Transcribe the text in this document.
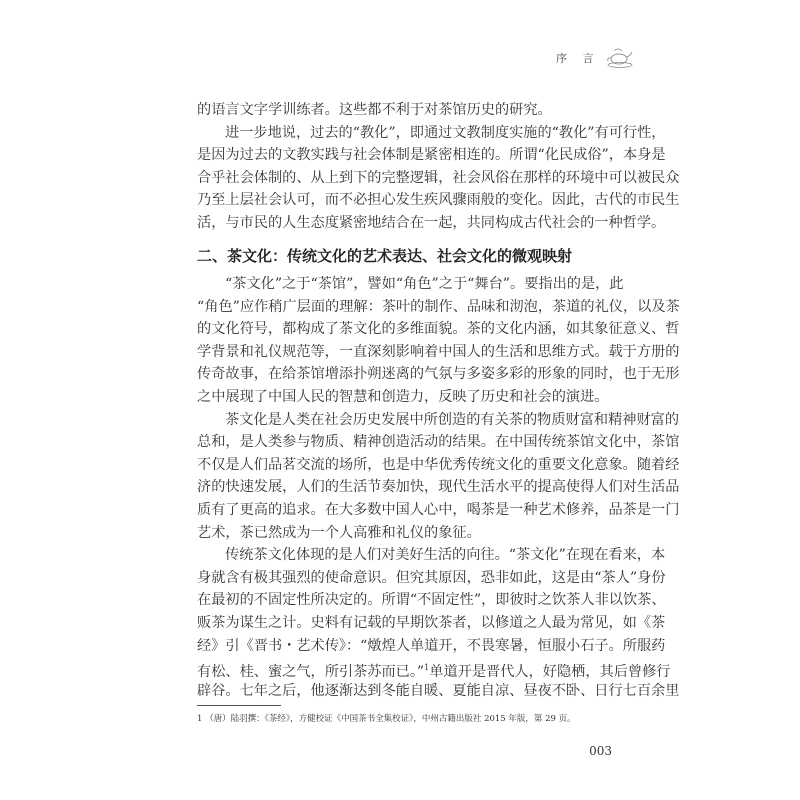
序 言
的语言文字学训练者。这些都不利于对茶馆历史的研究。
进一步地说，过去的“教化”，即通过文教制度实施的“教化”有可行性，
是因为过去的文教实践与社会体制是紧密相连的。所谓“化民成俗”，本身是
合乎社会体制的、从上到下的完整逻辑，社会风俗在那样的环境中可以被民众
乃至上层社会认可，而不必担心发生疾风骤雨般的变化。因此，古代的市民生
活，与市民的人生态度紧密地结合在一起，共同构成古代社会的一种哲学。
二、茶文化：传统文化的艺术表达、社会文化的微观映射
“茶文化”之于“茶馆”，譬如“角色”之于“舞台”。要指出的是，此
“角色”应作稍广层面的理解：茶叶的制作、品味和沏泡，茶道的礼仪，以及茶
的文化符号，都构成了茶文化的多维面貌。茶的文化内涵，如其象征意义、哲
学背景和礼仪规范等，一直深刻影响着中国人的生活和思维方式。载于方册的
传奇故事，在给茶馆增添扑朔迷离的气氛与多姿多彩的形象的同时，也于无形
之中展现了中国人民的智慧和创造力，反映了历史和社会的演进。
茶文化是人类在社会历史发展中所创造的有关茶的物质财富和精神财富的
总和，是人类参与物质、精神创造活动的结果。在中国传统茶馆文化中，茶馆
不仅是人们品茗交流的场所，也是中华优秀传统文化的重要文化意象。随着经
济的快速发展，人们的生活节奏加快，现代生活水平的提高使得人们对生活品
质有了更高的追求。在大多数中国人心中，喝茶是一种艺术修养，品茶是一门
艺术，茶已然成为一个人高雅和礼仪的象征。
传统茶文化体现的是人们对美好生活的向往。“茶文化”在现在看来，本
身就含有极其强烈的使命意识。但究其原因，恐非如此，这是由“茶人”身份
在最初的不固定性所决定的。所谓“不固定性”，即彼时之饮茶人非以饮茶、
贩茶为谋生之计。史料有记载的早期饮茶者，以修道之人最为常见，如《茶
经》引《晋书・艺术传》：“燉煌人单道开，不畏寒暑，恒服小石子。所服药
有松、桂、蜜之气，所引茶苏而已。”$^1$单道开是晋代人，好隐栖，其后曾修行
辟谷。七年之后，他逐渐达到冬能自暖、夏能自凉、昼夜不卧、日行七百余里
1 （唐）陆羽撰：《茶经》，方健校证《中国茶书全集校证》，中州古籍出版社 2015 年版，第 29 页。
003
